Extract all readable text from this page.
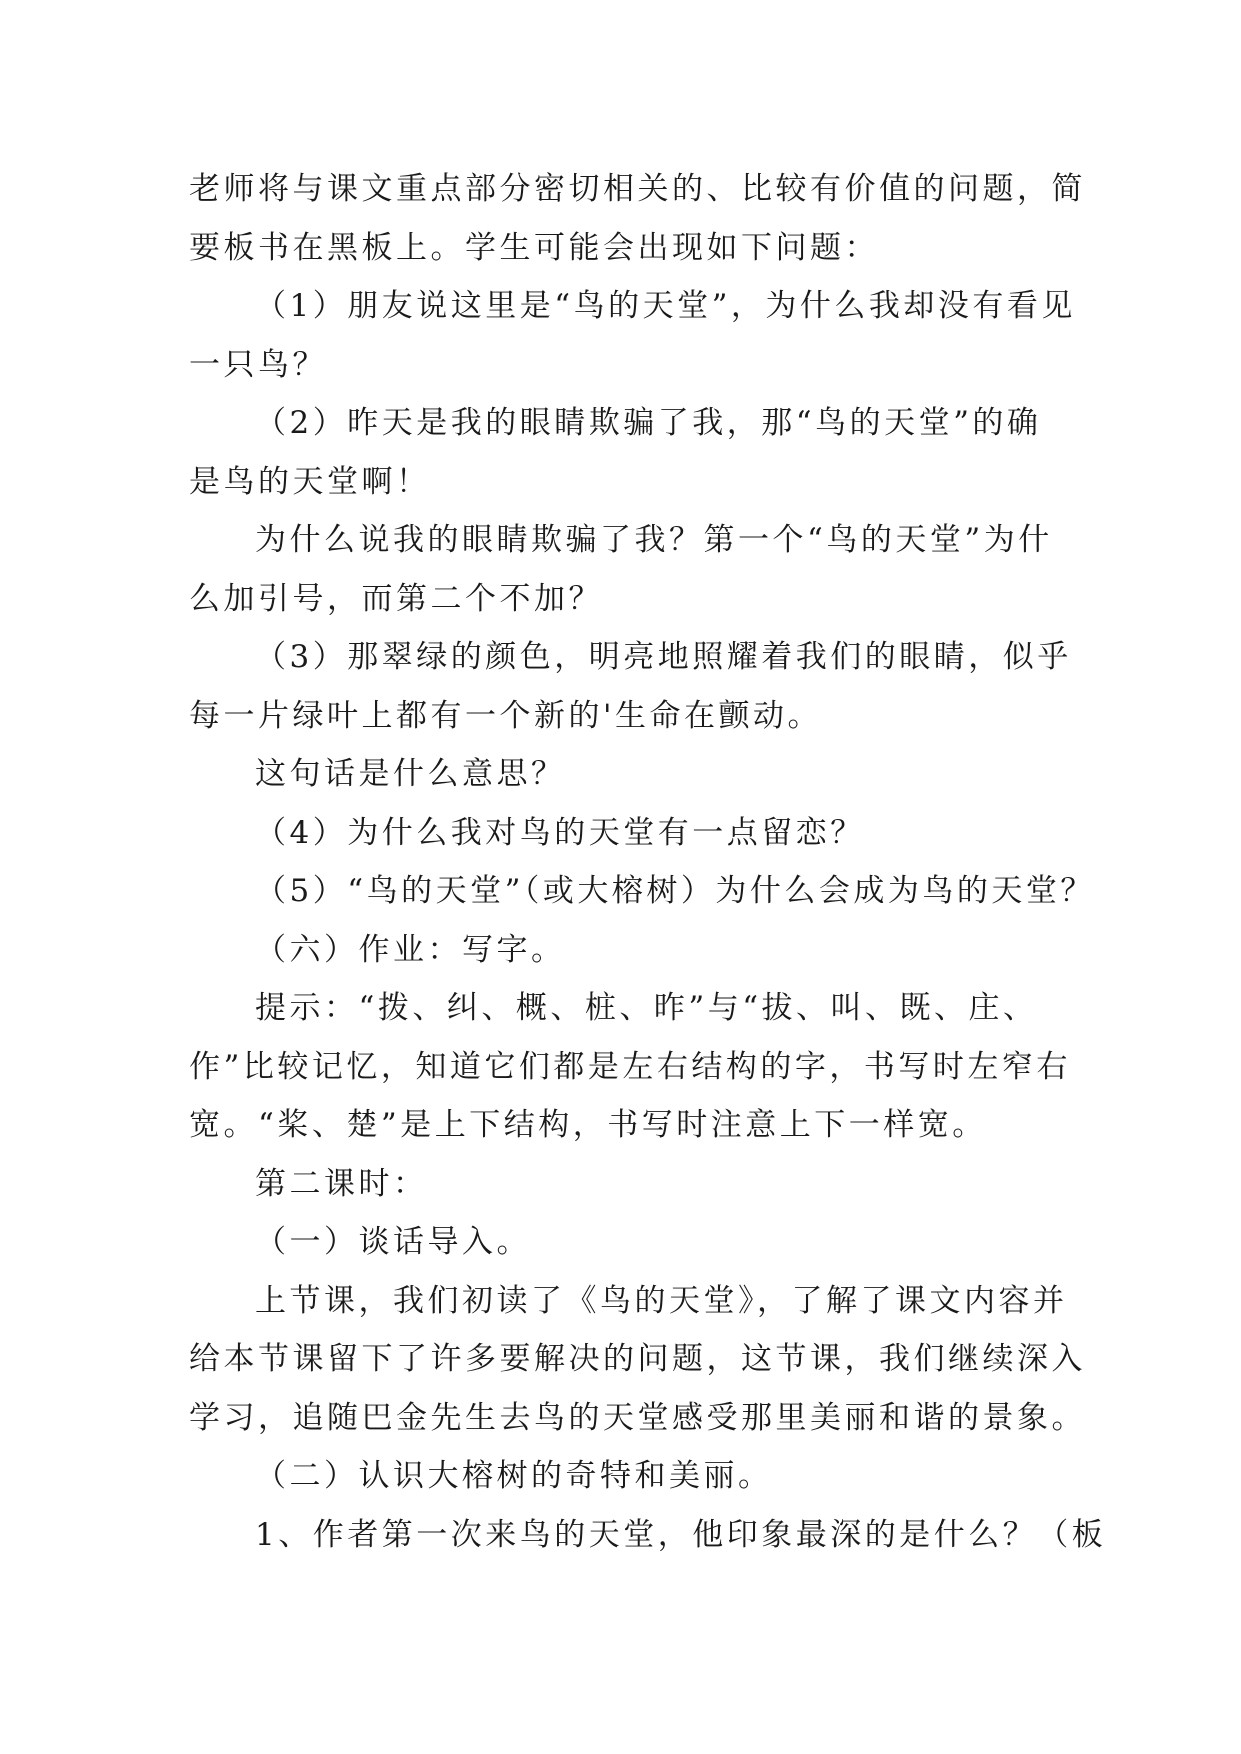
老师将与课文重点部分密切相关的、比较有价值的问题，简
要板书在黑板上。学生可能会出现如下问题：
（1）朋友说这里是“鸟的天堂”，为什么我却没有看见
一只鸟？
（2）昨天是我的眼睛欺骗了我，那“鸟的天堂”的确
是鸟的天堂啊！
为什么说我的眼睛欺骗了我？第一个“鸟的天堂”为什
么加引号，而第二个不加？
（3）那翠绿的颜色，明亮地照耀着我们的眼睛，似乎
每一片绿叶上都有一个新的'生命在颤动。
这句话是什么意思？
（4）为什么我对鸟的天堂有一点留恋？
（5）“鸟的天堂”（或大榕树）为什么会成为鸟的天堂？
（六）作业：写字。
提示：“拨、纠、概、桩、昨”与“拔、叫、既、庄、
作”比较记忆，知道它们都是左右结构的字，书写时左窄右
宽。“桨、楚”是上下结构，书写时注意上下一样宽。
第二课时：
（一）谈话导入。
上节课，我们初读了《鸟的天堂》，了解了课文内容并
给本节课留下了许多要解决的问题，这节课，我们继续深入
学习，追随巴金先生去鸟的天堂感受那里美丽和谐的景象。
（二）认识大榕树的奇特和美丽。
1、作者第一次来鸟的天堂，他印象最深的是什么？（板
